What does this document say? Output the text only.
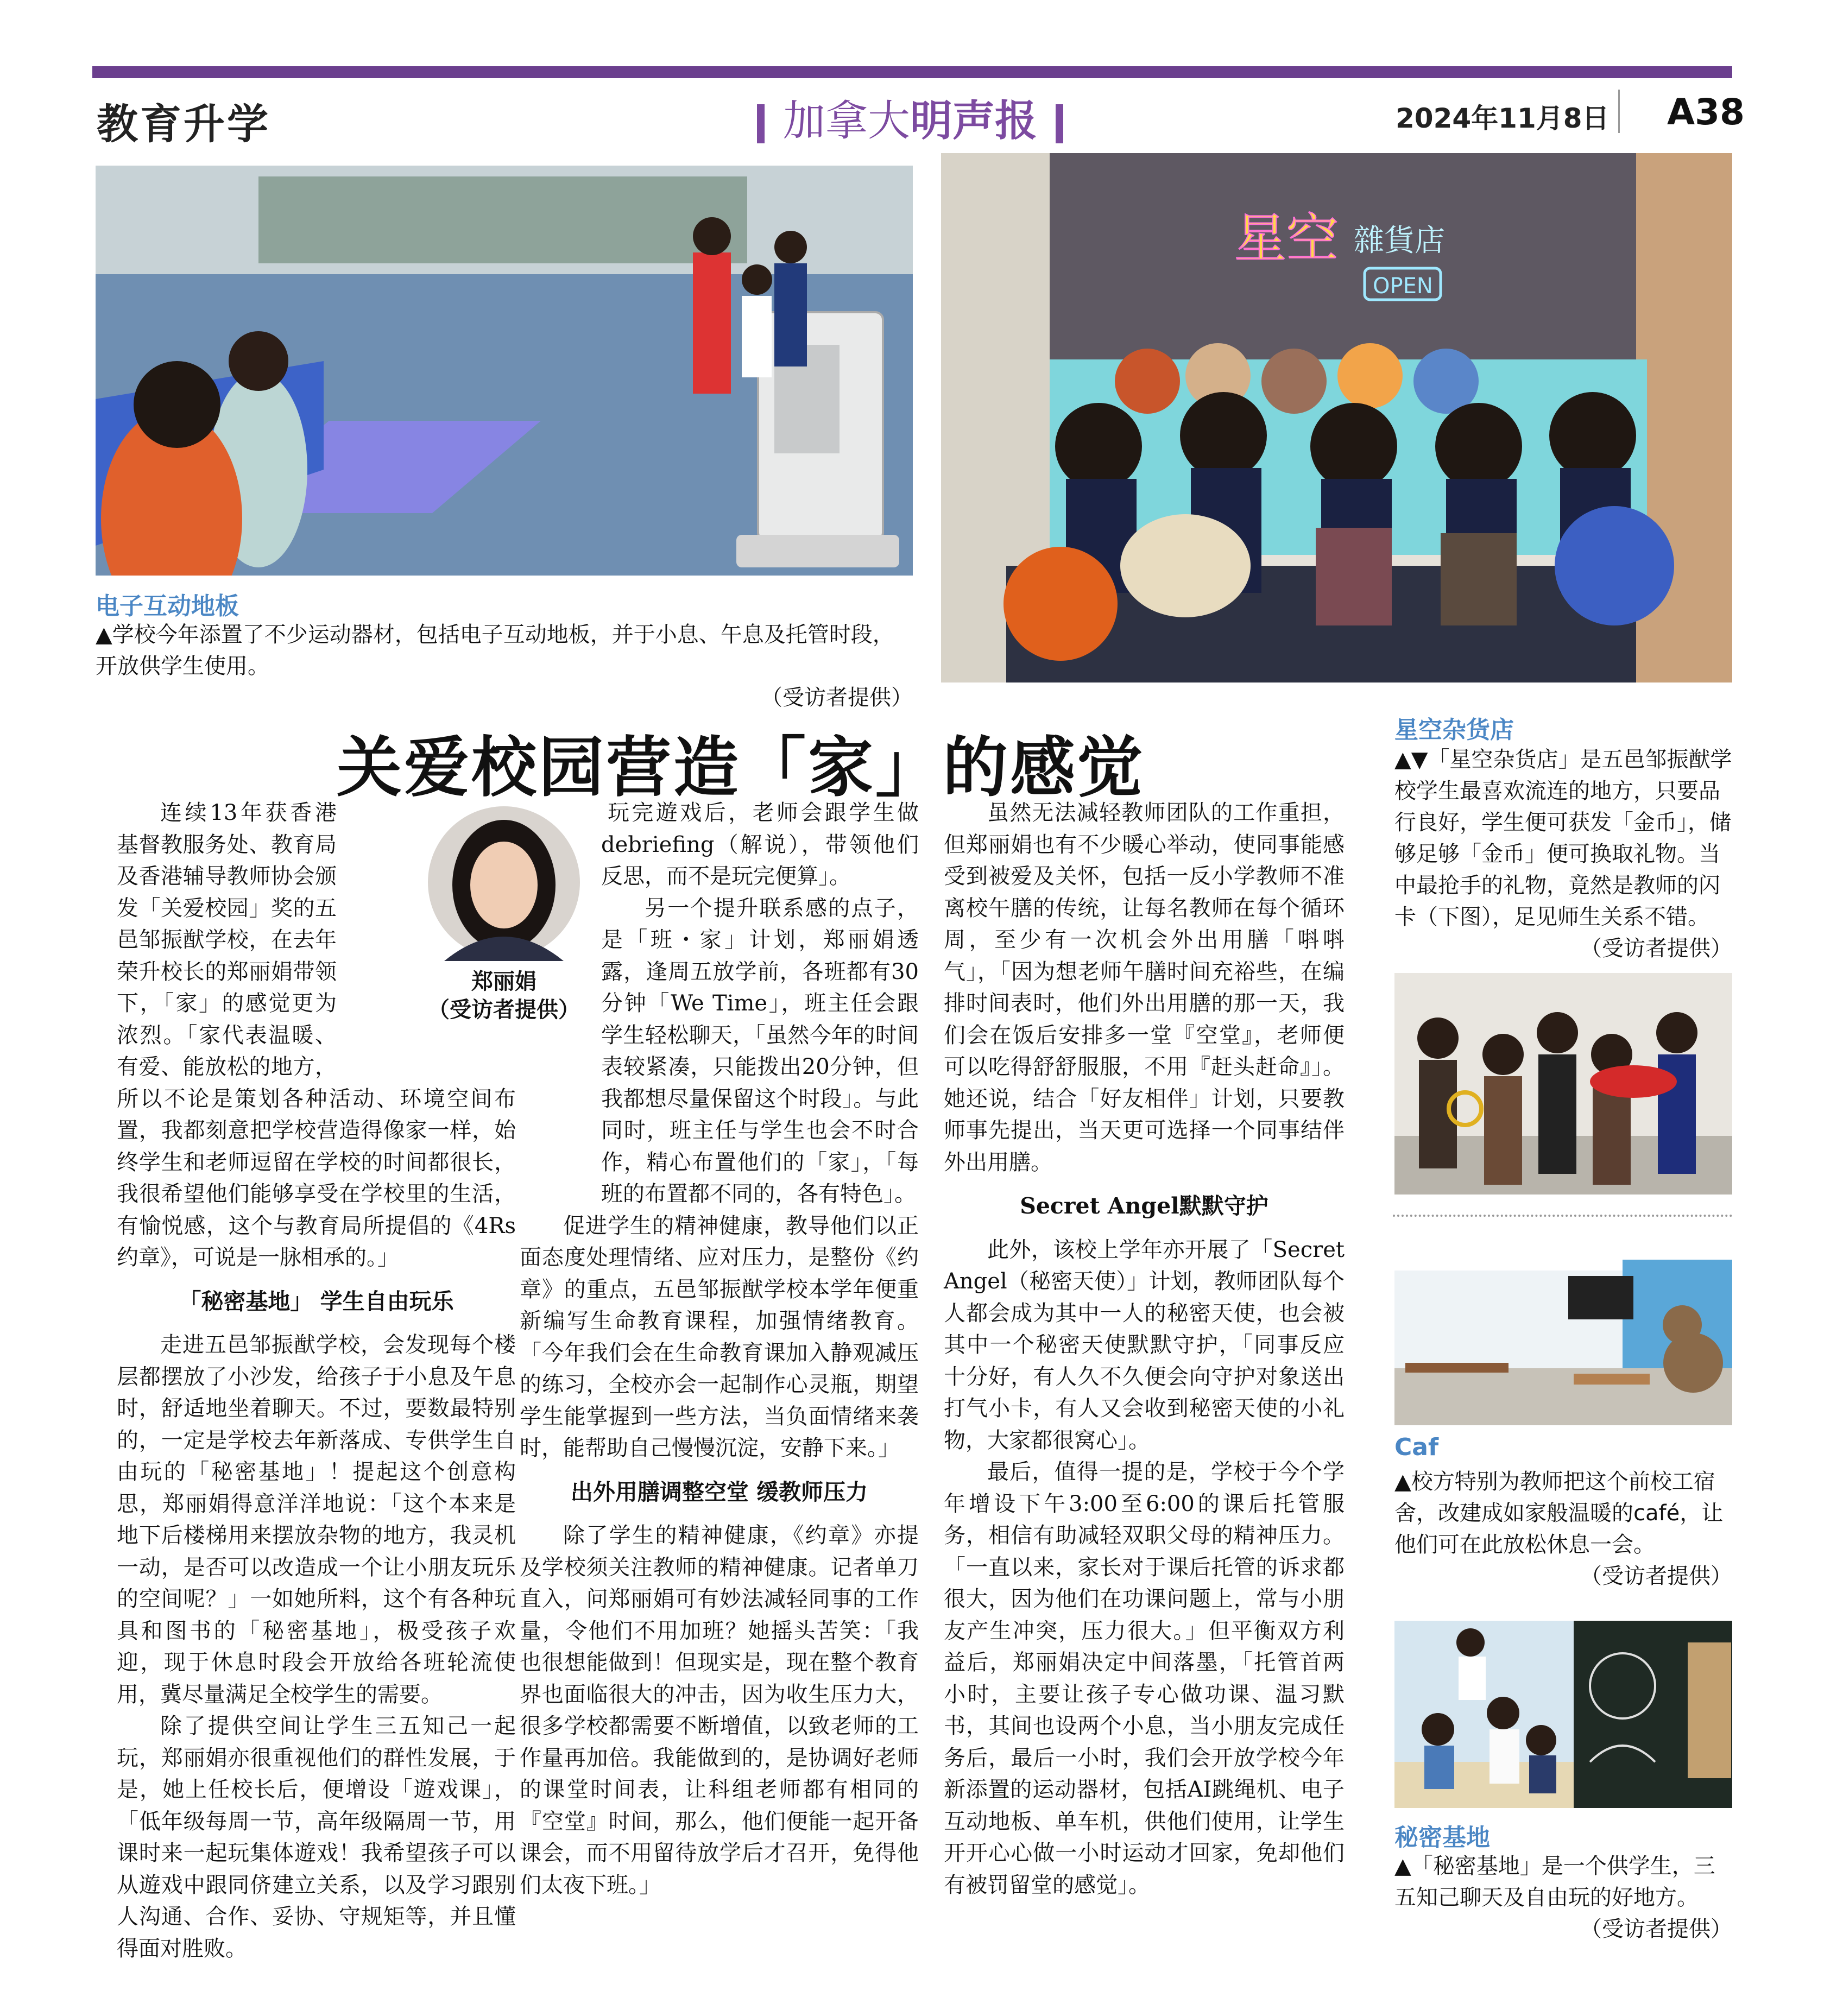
教育升学	加拿大明声报	2024年11月8日 A38
电子互动地板
▲学校今年添置了不少运动器材，包括电子互动地板，并于小息、午息及托管时段，开放供学生使用。
（受访者提供）
星空 雜貨店
OPEN
关爱校园营造「家」的感觉

连续13年获香港基督教服务处、教育局及香港辅导教师协会颁发「关爱校园」奖的五邑邹振猷学校，在去年荣升校长的郑丽娟带领下，「家」的感觉更为浓烈。「家代表温暖、有爱、能放松的地方，所以不论是策划各种活动、环境空间布置，我都刻意把学校营造得像家一样，始终学生和老师逗留在学校的时间都很长，我很希望他们能够享受在学校里的生活，有愉悦感，这个与教育局所提倡的《4Rs约章》，可说是一脉相承的。」

「秘密基地」 学生自由玩乐

走进五邑邹振猷学校，会发现每个楼层都摆放了小沙发，给孩子于小息及午息时，舒适地坐着聊天。不过，要数最特别的，一定是学校去年新落成、专供学生自由玩的「秘密基地」！提起这个创意构思，郑丽娟得意洋洋地说：「这个本来是地下后楼梯用来摆放杂物的地方，我灵机一动，是否可以改造成一个让小朋友玩乐的空间呢？」一如她所料，这个有各种玩具和图书的「秘密基地」，极受孩子欢迎，现于休息时段会开放给各班轮流使用，冀尽量满足全校学生的需要。

除了提供空间让学生三五知己一起玩，郑丽娟亦很重视他们的群性发展，于是，她上任校长后，便增设「遊戏课」，「低年级每周一节，高年级隔周一节，用课时来一起玩集体遊戏！我希望孩子可以从遊戏中跟同侪建立关系，以及学习跟别人沟通、合作、妥协、守规矩等，并且懂得面对胜败。

郑丽娟
（受访者提供）

玩完遊戏后，老师会跟学生做debriefing（解说），带领他们反思，而不是玩完便算」。

另一个提升联系感的点子，是「班・家」计划，郑丽娟透露，逢周五放学前，各班都有30分钟「We Time」，班主任会跟学生轻松聊天，「虽然今年的时间表较紧凑，只能拨出20分钟，但我都想尽量保留这个时段」。与此同时，班主任与学生也会不时合作，精心布置他们的「家」，「每班的布置都不同的，各有特色」。

促进学生的精神健康，教导他们以正面态度处理情绪、应对压力，是整份《约章》的重点，五邑邹振猷学校本学年便重新编写生命教育课程，加强情绪教育。「今年我们会在生命教育课加入静观减压的练习，全校亦会一起制作心灵瓶，期望学生能掌握到一些方法，当负面情绪来袭时，能帮助自己慢慢沉淀，安静下来。」

出外用膳调整空堂 缓教师压力

除了学生的精神健康，《约章》亦提及学校须关注教师的精神健康。记者单刀直入，问郑丽娟可有妙法减轻同事的工作量，令他们不用加班？她摇头苦笑：「我也很想能做到！但现实是，现在整个教育界也面临很大的冲击，因为收生压力大，很多学校都需要不断增值，以致老师的工作量再加倍。我能做到的，是协调好老师的课堂时间表，让科组老师都有相同的『空堂』时间，那么，他们便能一起开备课会，而不用留待放学后才召开，免得他们太夜下班。」

虽然无法减轻教师团队的工作重担，但郑丽娟也有不少暖心举动，使同事能感受到被爱及关怀，包括一反小学教师不准离校午膳的传统，让每名教师在每个循环周，至少有一次机会外出用膳「唞唞气」，「因为想老师午膳时间充裕些，在编排时间表时，他们外出用膳的那一天，我们会在饭后安排多一堂『空堂』，老师便可以吃得舒舒服服，不用『赶头赶命』」。她还说，结合「好友相伴」计划，只要教师事先提出，当天更可选择一个同事结伴外出用膳。

Secret Angel默默守护

此外，该校上学年亦开展了「Secret Angel（秘密天使）」计划，教师团队每个人都会成为其中一人的秘密天使，也会被其中一个秘密天使默默守护，「同事反应十分好，有人久不久便会向守护对象送出打气小卡，有人又会收到秘密天使的小礼物，大家都很窝心」。

最后，值得一提的是，学校于今个学年增设下午3:00至6:00的课后托管服务，相信有助减轻双职父母的精神压力。「一直以来，家长对于课后托管的诉求都很大，因为他们在功课问题上，常与小朋友产生冲突，压力很大。」但平衡双方利益后，郑丽娟决定中间落墨，「托管首两小时，主要让孩子专心做功课、温习默书，其间也设两个小息，当小朋友完成任务后，最后一小时，我们会开放学校今年新添置的运动器材，包括AI跳绳机、电子互动地板、单车机，供他们使用，让学生开开心心做一小时运动才回家，免却他们有被罚留堂的感觉」。

星空杂货店
▲▼「星空杂货店」是五邑邹振猷学校学生最喜欢流连的地方，只要品行良好，学生便可获发「金币」，储够足够「金币」便可换取礼物。当中最抢手的礼物，竟然是教师的闪卡（下图），足见师生关系不错。
（受访者提供）
Caf
▲校方特别为教师把这个前校工宿舍，改建成如家般温暖的café，让他们可在此放松休息一会。
（受访者提供）
秘密基地
▲「秘密基地」是一个供学生，三五知己聊天及自由玩的好地方。
（受访者提供）
